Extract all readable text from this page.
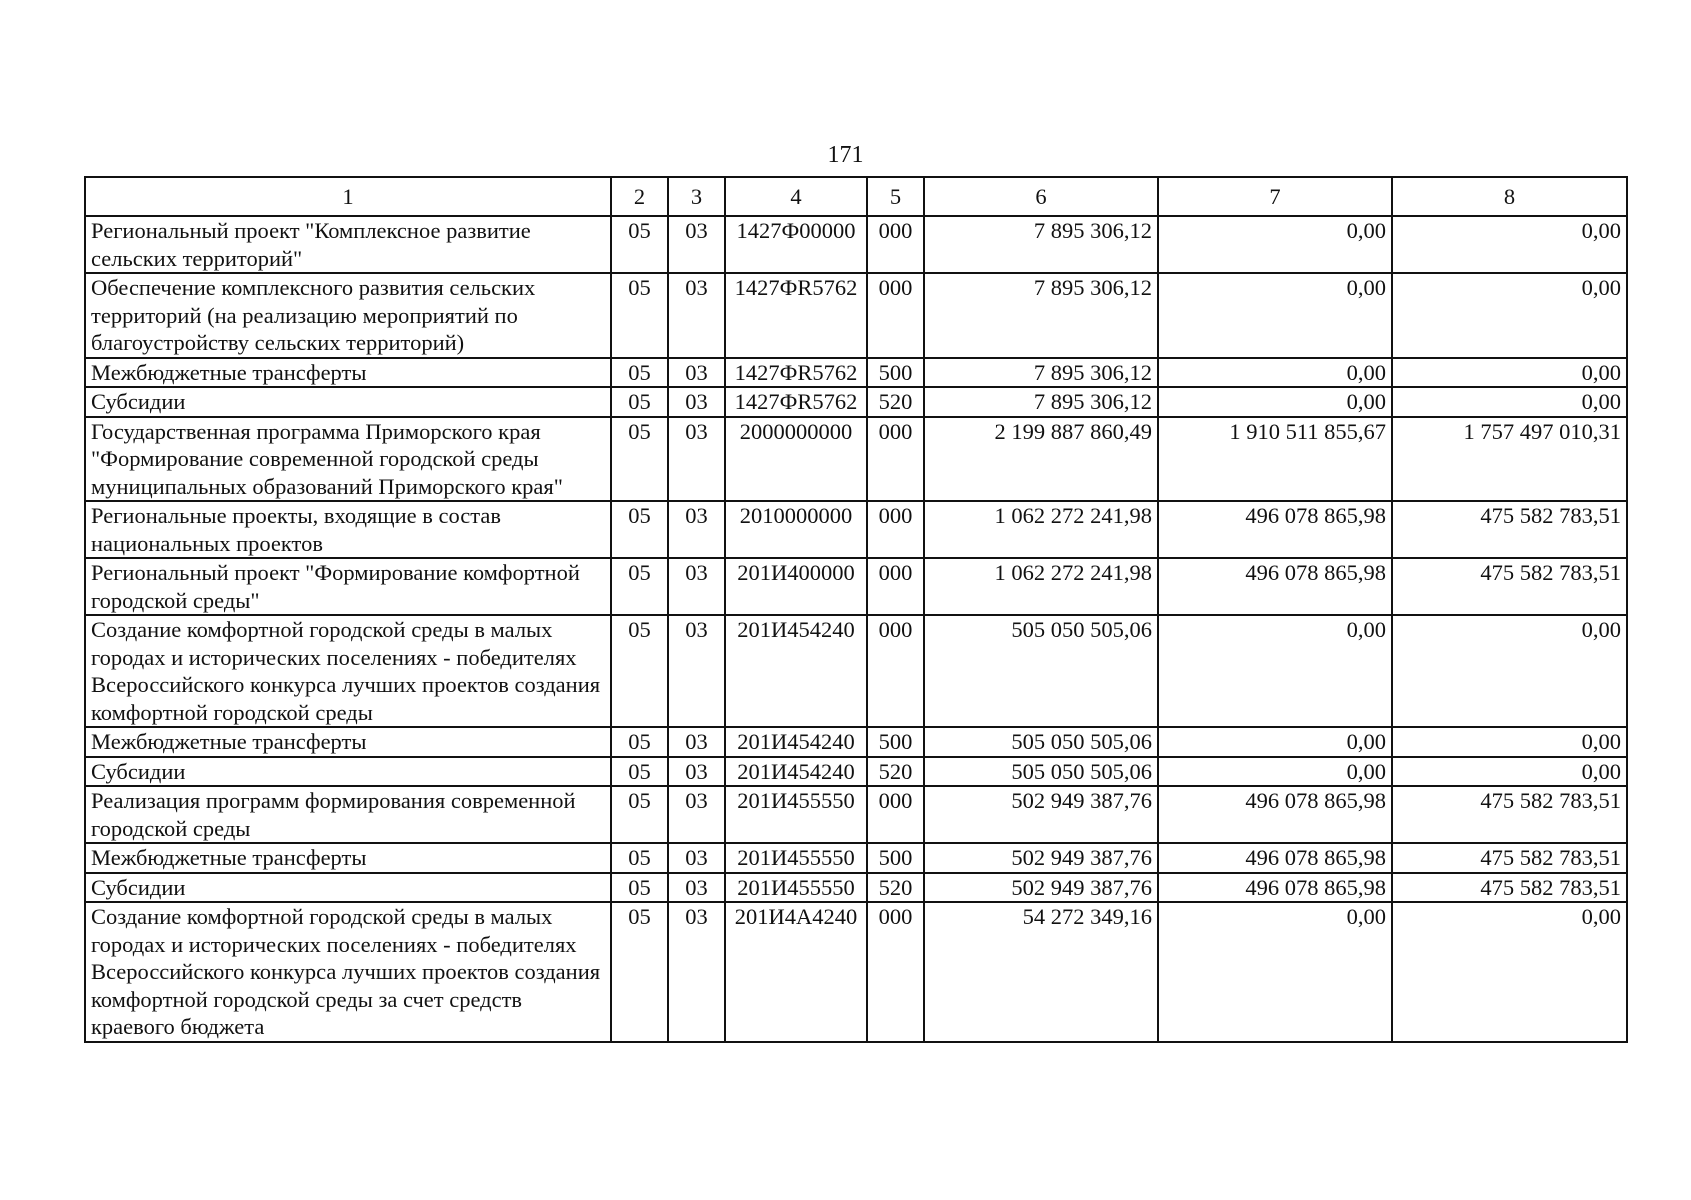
171
1	2	3	4	5	6	7	8
Региональный проект "Комплексное развитие сельских территорий"	05	03	1427Ф00000	000	7 895 306,12	0,00	0,00
Обеспечение комплексного развития сельских территорий (на реализацию мероприятий по благоустройству сельских территорий)	05	03	1427ФR5762	000	7 895 306,12	0,00	0,00
Межбюджетные трансферты	05	03	1427ФR5762	500	7 895 306,12	0,00	0,00
Субсидии	05	03	1427ФR5762	520	7 895 306,12	0,00	0,00
Государственная программа Приморского края "Формирование современной городской среды муниципальных образований Приморского края"	05	03	2000000000	000	2 199 887 860,49	1 910 511 855,67	1 757 497 010,31
Региональные проекты, входящие в состав национальных проектов	05	03	2010000000	000	1 062 272 241,98	496 078 865,98	475 582 783,51
Региональный проект "Формирование комфортной городской среды"	05	03	201И400000	000	1 062 272 241,98	496 078 865,98	475 582 783,51
Создание комфортной городской среды в малых городах и исторических поселениях - победителях Всероссийского конкурса лучших проектов создания комфортной городской среды	05	03	201И454240	000	505 050 505,06	0,00	0,00
Межбюджетные трансферты	05	03	201И454240	500	505 050 505,06	0,00	0,00
Субсидии	05	03	201И454240	520	505 050 505,06	0,00	0,00
Реализация программ формирования современной городской среды	05	03	201И455550	000	502 949 387,76	496 078 865,98	475 582 783,51
Межбюджетные трансферты	05	03	201И455550	500	502 949 387,76	496 078 865,98	475 582 783,51
Субсидии	05	03	201И455550	520	502 949 387,76	496 078 865,98	475 582 783,51
Создание комфортной городской среды в малых городах и исторических поселениях - победителях Всероссийского конкурса лучших проектов создания комфортной городской среды за счет средств краевого бюджета	05	03	201И4А4240	000	54 272 349,16	0,00	0,00
